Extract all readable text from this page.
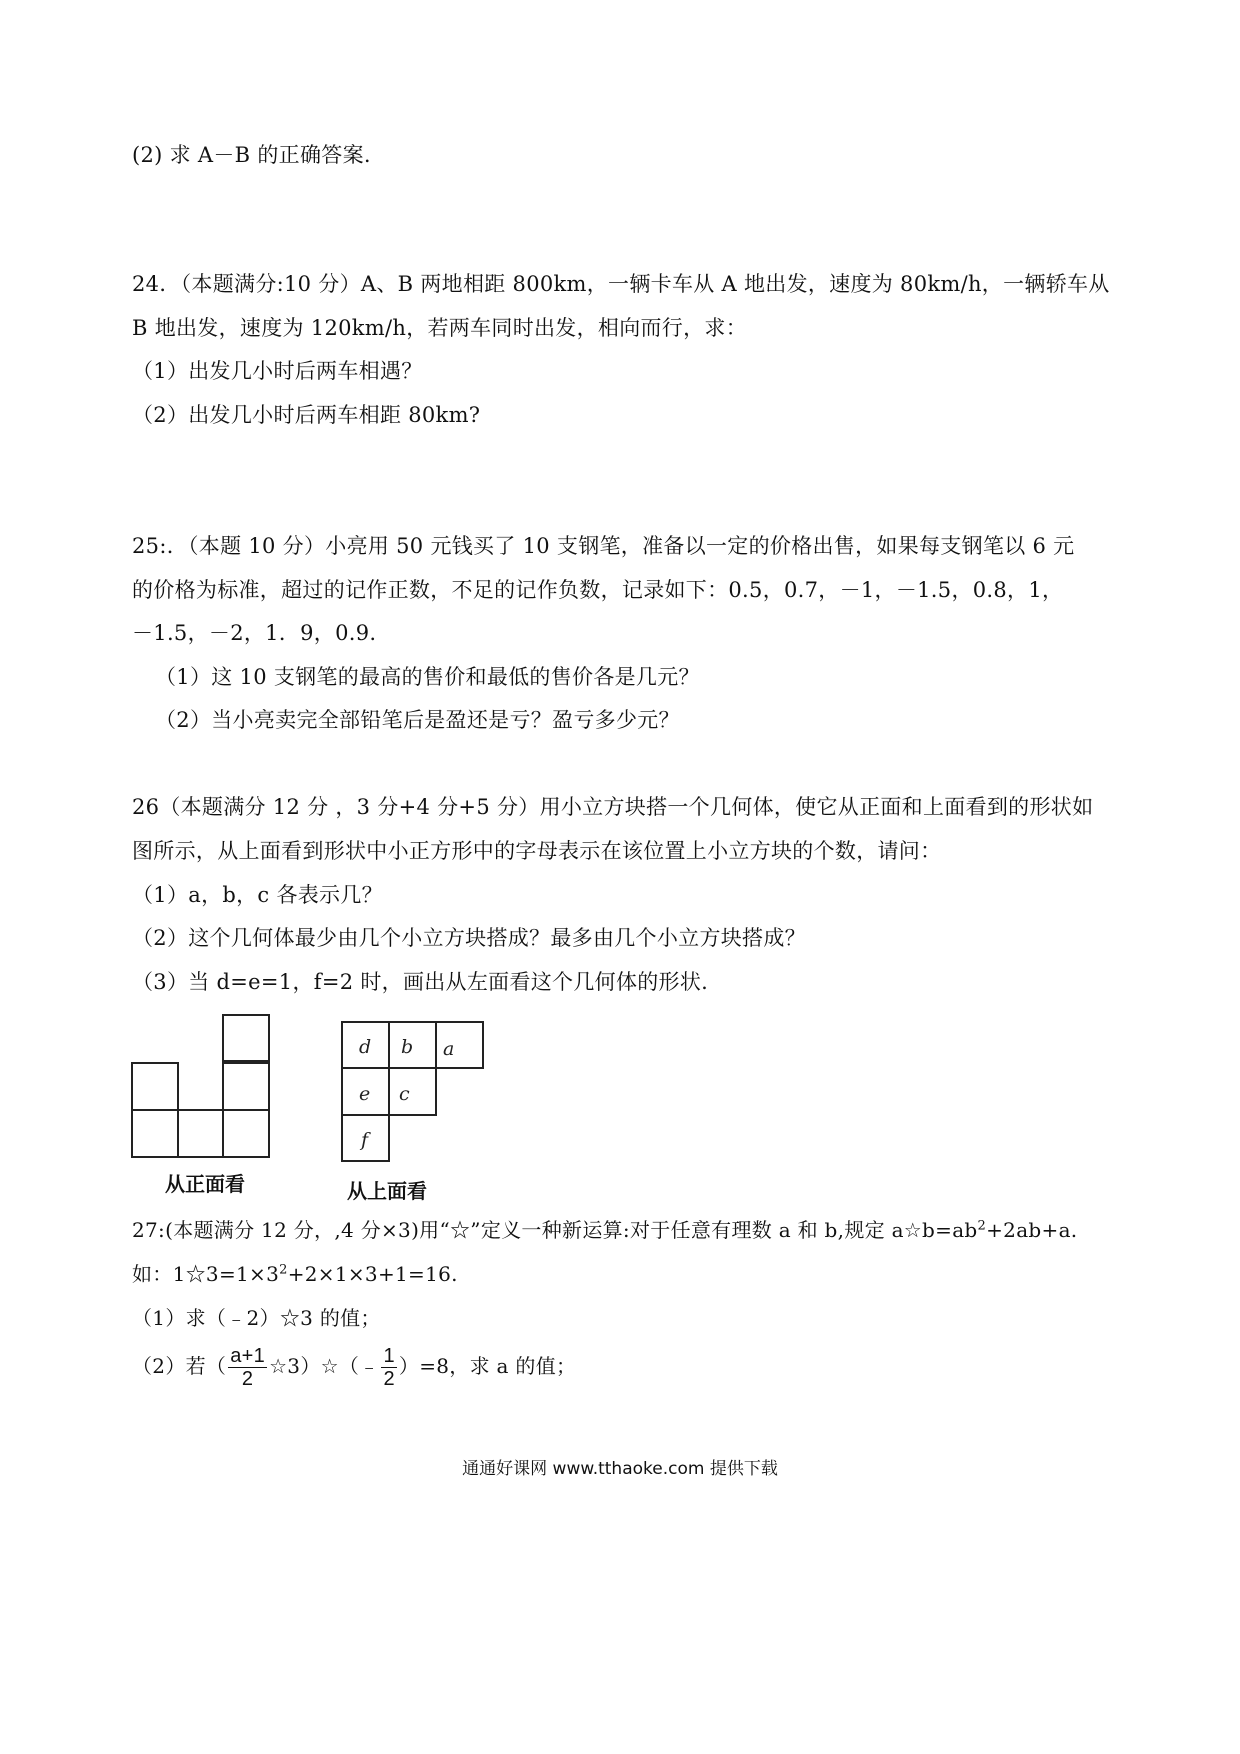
(2) 求 A－B 的正确答案.
24．（本题满分:10 分）A、B 两地相距 800km，一辆卡车从 A 地出发，速度为 80km/h，一辆轿车从
B 地出发，速度为 120km/h，若两车同时出发，相向而行，求：
（1）出发几小时后两车相遇？
（2）出发几小时后两车相距 80km?
25:．（本题 10 分）小亮用 50 元钱买了 10 支钢笔，准备以一定的价格出售，如果每支钢笔以 6 元
的价格为标准，超过的记作正数，不足的记作负数，记录如下：0.5，0.7，－1，－1.5，0.8，1，
－1.5，－2，1．9，0.9.
（1）这 10 支钢笔的最高的售价和最低的售价各是几元？
（2）当小亮卖完全部铅笔后是盈还是亏？盈亏多少元？
26（本题满分 12 分 ，3 分+4 分+5 分）用小立方块搭一个几何体，使它从正面和上面看到的形状如
图所示，从上面看到形状中小正方形中的字母表示在该位置上小立方块的个数，请问：
（1）a，b，c 各表示几？
（2）这个几何体最少由几个小立方块搭成？最多由几个小立方块搭成？
（3）当 d=e=1，f=2 时，画出从左面看这个几何体的形状.
从正面看
d b a
e c
f
从上面看
27:(本题满分 12 分，,4 分×3)用“☆”定义一种新运算:对于任意有理数 a 和 b,规定 $a☆b=ab^2+2ab+a$.
如：$1☆3=1\times 3^2+2\times 1\times 3+1=16$.
（1）求（﹣2）☆3 的值；
（2）若（ $\frac{a+1}{2}$ ☆3）☆（﹣ $\frac{1}{2} )=8$，求 a 的值；
通通好课网 www.tthaoke.com 提供下载
